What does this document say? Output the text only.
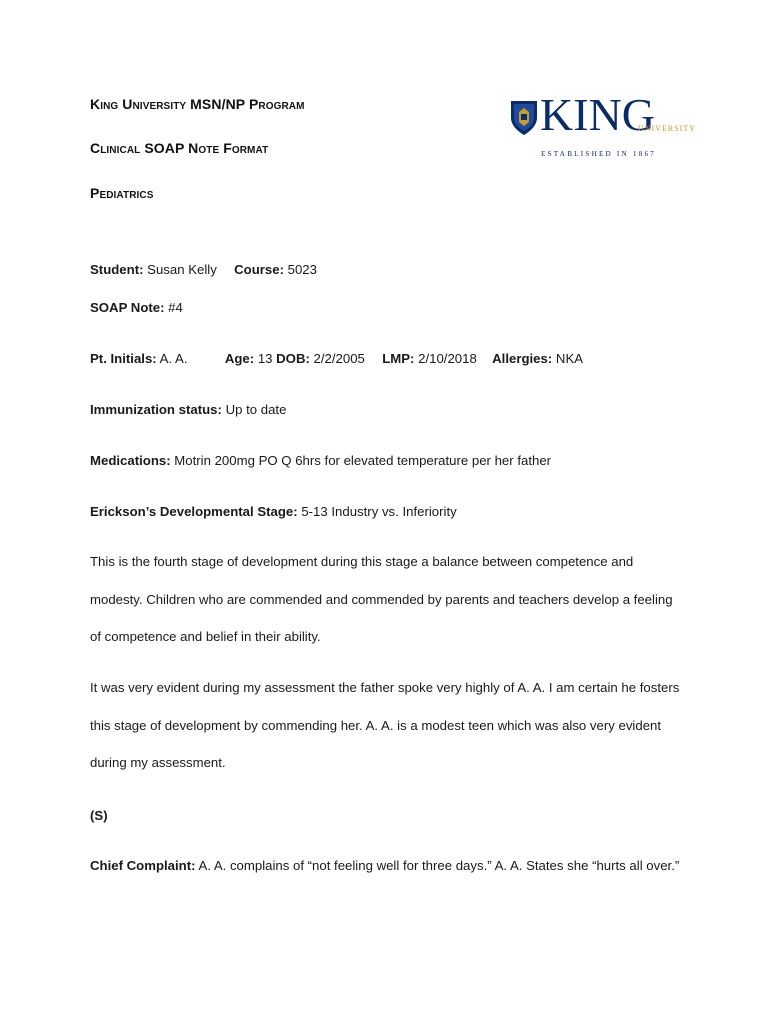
King University MSN/NP Program
Clinical SOAP Note Format
Pediatrics
KING
UNIVERSITY
ESTABLISHED IN 1867
Student: Susan Kelly Course: 5023
SOAP Note: #4
Pt. Initials: A. A.	Age: 13 DOB: 2/2/2005 LMP: 2/10/2018 Allergies: NKA
Immunization status: Up to date
Medications: Motrin 200mg PO Q 6hrs for elevated temperature per her father
Erickson’s Developmental Stage: 5-13 Industry vs. Inferiority
This is the fourth stage of development during this stage a balance between competence and modesty. Children who are commended and commended by parents and teachers develop a feeling of competence and belief in their ability.
It was very evident during my assessment the father spoke very highly of A. A. I am certain he fosters this stage of development by commending her. A. A. is a modest teen which was also very evident during my assessment.
(S)
Chief Complaint: A. A. complains of “not feeling well for three days.” A. A. States she “hurts all over.”
